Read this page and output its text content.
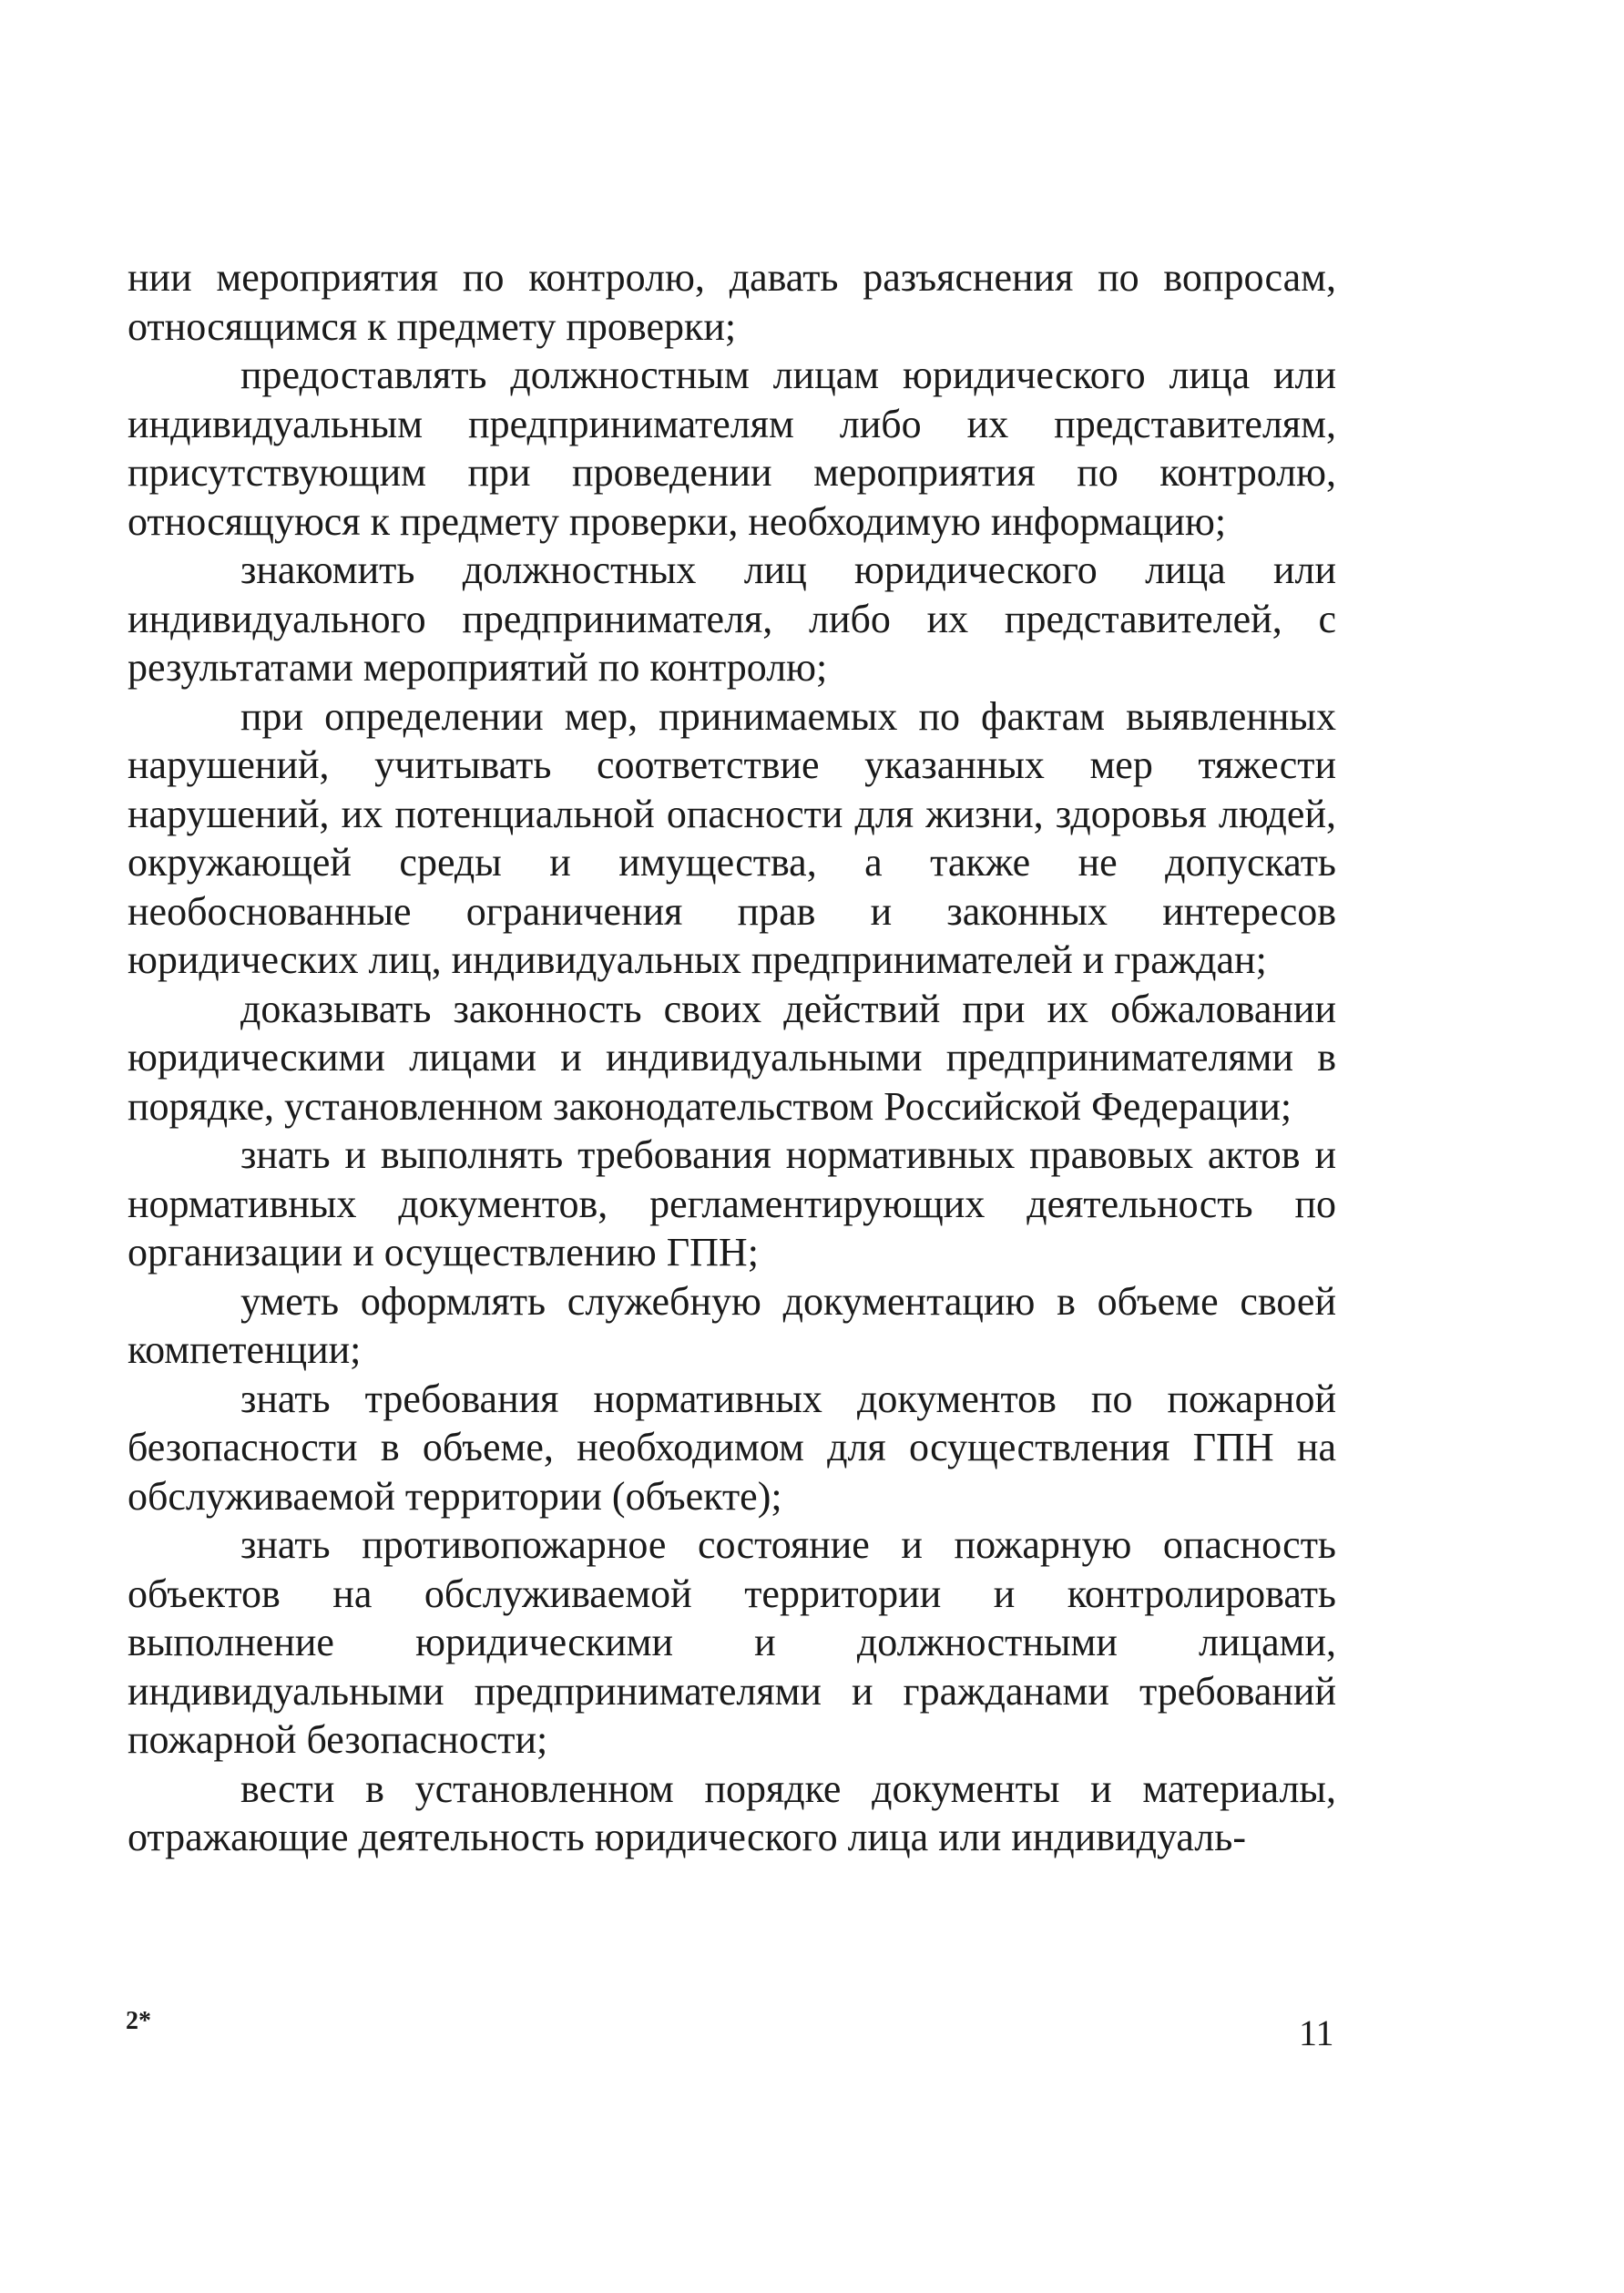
нии мероприятия по контролю, давать разъяснения по вопросам, относящимся к предмету проверки;

предоставлять должностным лицам юридического лица или индивидуальным предпринимателям либо их представителям, присутствующим при проведении мероприятия по контролю, относящуюся к предмету проверки, необходимую информацию;

знакомить должностных лиц юридического лица или индивидуального предпринимателя, либо их представителей, с результатами мероприятий по контролю;

при определении мер, принимаемых по фактам выявленных нарушений, учитывать соответствие указанных мер тяжести нарушений, их потенциальной опасности для жизни, здоровья людей, окружающей среды и имущества, а также не допускать необоснованные ограничения прав и законных интересов юридических лиц, индивидуальных предпринимателей и граждан;

доказывать законность своих действий при их обжаловании юридическими лицами и индивидуальными предпринимателями в порядке, установленном законодательством Российской Федерации;

знать и выполнять требования нормативных правовых актов и нормативных документов, регламентирующих деятельность по организации и осуществлению ГПН;

уметь оформлять служебную документацию в объеме своей компетенции;

знать требования нормативных документов по пожарной безопасности в объеме, необходимом для осуществления ГПН на обслуживаемой территории (объекте);

знать противопожарное состояние и пожарную опасность объектов на обслуживаемой территории и контролировать выполнение юридическими и должностными лицами, индивидуальными предпринимателями и гражданами требований пожарной безопасности;

вести в установленном порядке документы и материалы, отражающие деятельность юридического лица или индивидуаль-

2*	11
